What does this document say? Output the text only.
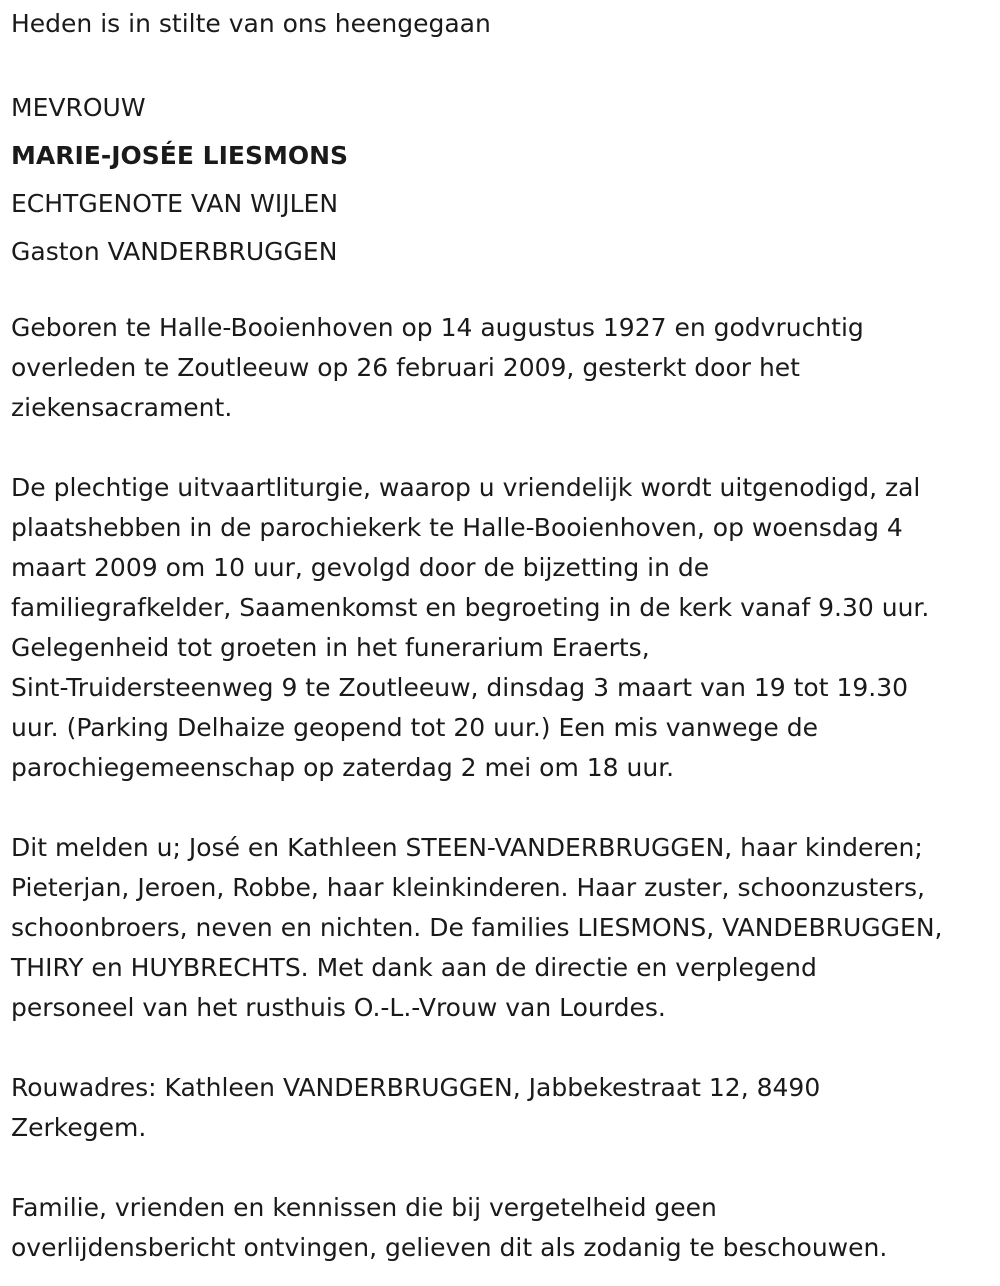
Heden is in stilte van ons heengegaan

MEVROUW

MARIE-JOSÉE LIESMONS

ECHTGENOTE VAN WIJLEN

Gaston VANDERBRUGGEN

Geboren te Halle-Booienhoven op 14 augustus 1927 en godvruchtig

overleden te Zoutleeuw op 26 februari 2009, gesterkt door het

ziekensacrament.

De plechtige uitvaartliturgie, waarop u vriendelijk wordt uitgenodigd, zal

plaatshebben in de parochiekerk te Halle-Booienhoven, op woensdag 4

maart 2009 om 10 uur, gevolgd door de bijzetting in de

familiegrafkelder, Saamenkomst en begroeting in de kerk vanaf 9.30 uur.

Gelegenheid tot groeten in het funerarium Eraerts,

Sint-Truidersteenweg 9 te Zoutleeuw, dinsdag 3 maart van 19 tot 19.30

uur. (Parking Delhaize geopend tot 20 uur.) Een mis vanwege de

parochiegemeenschap op zaterdag 2 mei om 18 uur.

Dit melden u; José en Kathleen STEEN-VANDERBRUGGEN, haar kinderen;

Pieterjan, Jeroen, Robbe, haar kleinkinderen. Haar zuster, schoonzusters,

schoonbroers, neven en nichten. De families LIESMONS, VANDEBRUGGEN,

THIRY en HUYBRECHTS. Met dank aan de directie en verplegend

personeel van het rusthuis O.-L.-Vrouw van Lourdes.

Rouwadres: Kathleen VANDERBRUGGEN, Jabbekestraat 12, 8490

Zerkegem.

Familie, vrienden en kennissen die bij vergetelheid geen

overlijdensbericht ontvingen, gelieven dit als zodanig te beschouwen.
